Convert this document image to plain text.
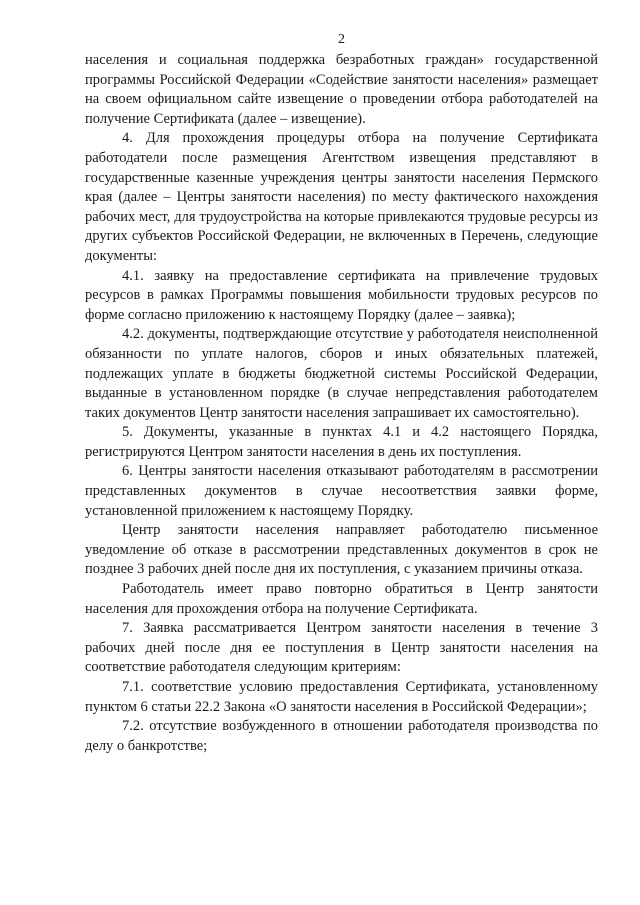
2

населения и социальная поддержка безработных граждан» государственной программы Российской Федерации «Содействие занятости населения» размещает на своем официальном сайте извещение о проведении отбора работодателей на получение Сертификата (далее – извещение).

4. Для прохождения процедуры отбора на получение Сертификата работодатели после размещения Агентством извещения представляют в государственные казенные учреждения центры занятости населения Пермского края (далее – Центры занятости населения) по месту фактического нахождения рабочих мест, для трудоустройства на которые привлекаются трудовые ресурсы из других субъектов Российской Федерации, не включенных в Перечень, следующие документы:

4.1. заявку на предоставление сертификата на привлечение трудовых ресурсов в рамках Программы повышения мобильности трудовых ресурсов по форме согласно приложению к настоящему Порядку (далее – заявка);

4.2. документы, подтверждающие отсутствие у работодателя неисполненной обязанности по уплате налогов, сборов и иных обязательных платежей, подлежащих уплате в бюджеты бюджетной системы Российской Федерации, выданные в установленном порядке (в случае непредставления работодателем таких документов Центр занятости населения запрашивает их самостоятельно).

5. Документы, указанные в пунктах 4.1 и 4.2 настоящего Порядка, регистрируются Центром занятости населения в день их поступления.

6. Центры занятости населения отказывают работодателям в рассмотрении представленных документов в случае несоответствия заявки форме, установленной приложением к настоящему Порядку.

Центр занятости населения направляет работодателю письменное уведомление об отказе в рассмотрении представленных документов в срок не позднее 3 рабочих дней после дня их поступления, с указанием причины отказа.

Работодатель имеет право повторно обратиться в Центр занятости населения для прохождения отбора на получение Сертификата.

7. Заявка рассматривается Центром занятости населения в течение 3 рабочих дней после дня ее поступления в Центр занятости населения на соответствие работодателя следующим критериям:

7.1. соответствие условию предоставления Сертификата, установленному пунктом 6 статьи 22.2 Закона «О занятости населения в Российской Федерации»;

7.2. отсутствие возбужденного в отношении работодателя производства по делу о банкротстве;
